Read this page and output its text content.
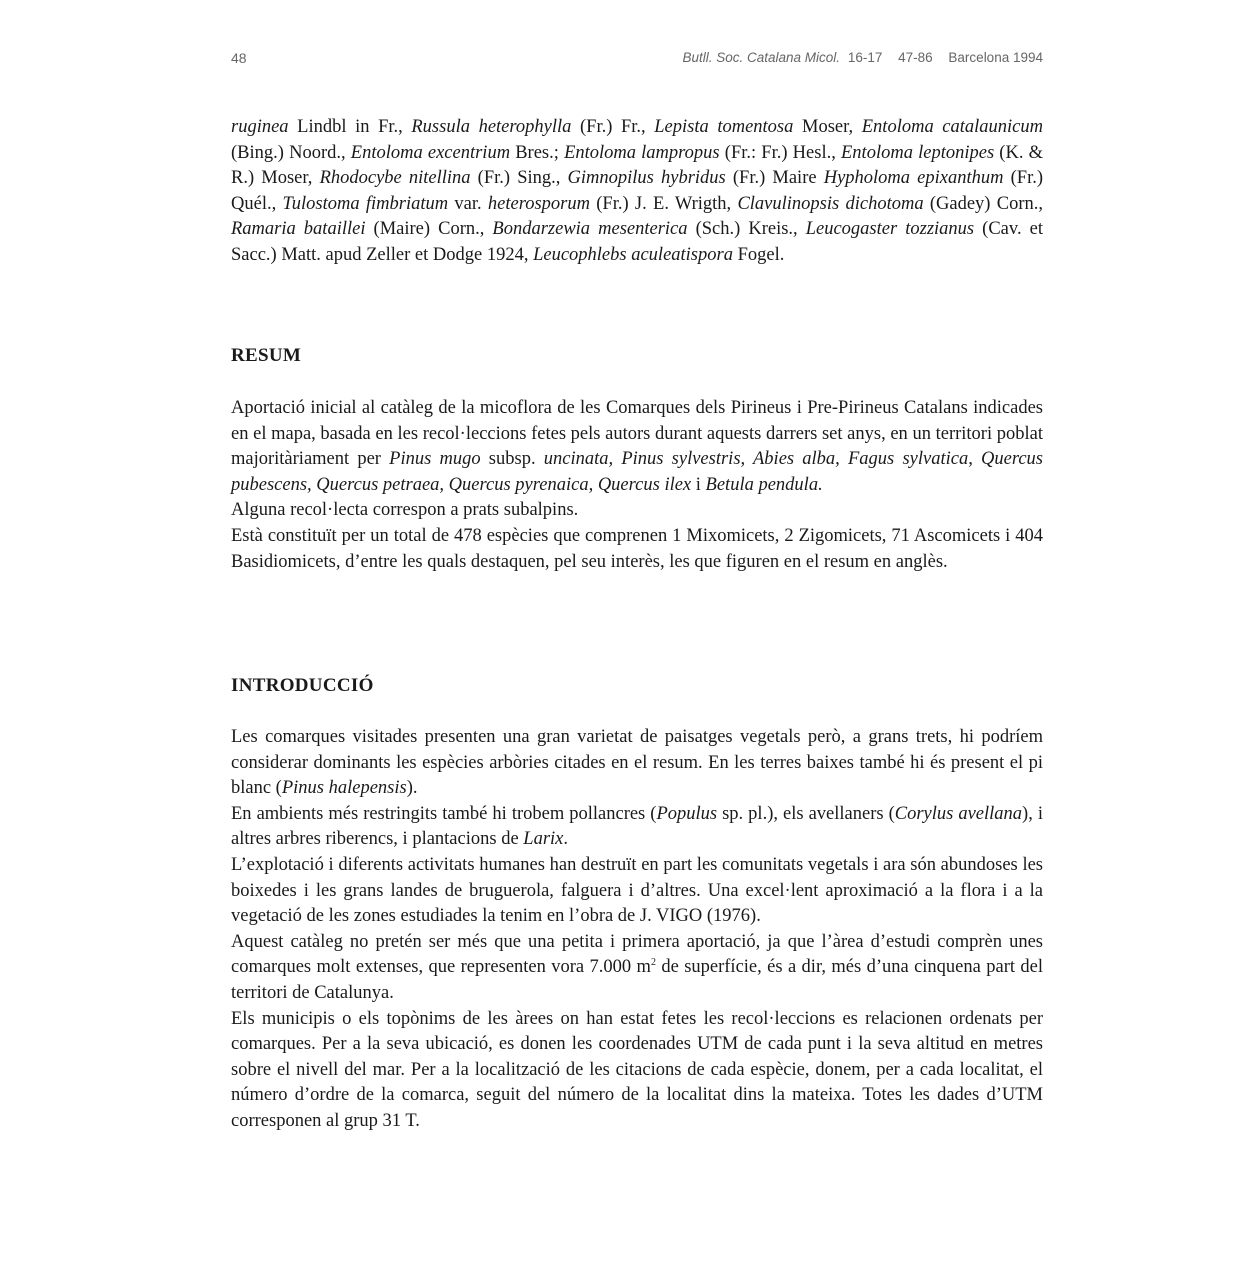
48	Butll. Soc. Catalana Micol. 16-17 47-86 Barcelona 1994

ruginea Lindbl in Fr., Russula heterophylla (Fr.) Fr., Lepista tomentosa Moser, Entoloma catalaunicum (Bing.) Noord., Entoloma excentrium Bres.; Entoloma lampropus (Fr.: Fr.) Hesl., Entoloma leptonipes (K. & R.) Moser, Rhodocybe nitellina (Fr.) Sing., Gimnopilus hybridus (Fr.) Maire Hypholoma epixanthum (Fr.) Quél., Tulostoma fimbriatum var. heterosporum (Fr.) J. E. Wrigth, Clavulinopsis dichotoma (Gadey) Corn., Ramaria bataillei (Maire) Corn., Bondarzewia mesenterica (Sch.) Kreis., Leucogaster tozzianus (Cav. et Sacc.) Matt. apud Zeller et Dodge 1924, Leucophlebs aculeatispora Fogel.

RESUM

Aportació inicial al catàleg de la micoflora de les Comarques dels Pirineus i Pre-Pirineus Catalans indicades en el mapa, basada en les recol·leccions fetes pels autors durant aquests darrers set anys, en un territori poblat majoritàriament per Pinus mugo subsp. uncinata, Pinus sylvestris, Abies alba, Fagus sylvatica, Quercus pubescens, Quercus petraea, Quercus pyrenaica, Quercus ilex i Betula pendula.

Alguna recol·lecta correspon a prats subalpins.

Està constituït per un total de 478 espècies que comprenen 1 Mixomicets, 2 Zigomicets, 71 Ascomicets i 404 Basidiomicets, d’entre les quals destaquen, pel seu interès, les que figuren en el resum en anglès.

INTRODUCCIÓ

Les comarques visitades presenten una gran varietat de paisatges vegetals però, a grans trets, hi podríem considerar dominants les espècies arbòries citades en el resum. En les terres baixes també hi és present el pi blanc (Pinus halepensis).

En ambients més restringits també hi trobem pollancres (Populus sp. pl.), els avellaners (Corylus avellana), i altres arbres riberencs, i plantacions de Larix.

L’explotació i diferents activitats humanes han destruït en part les comunitats vegetals i ara són abundoses les boixedes i les grans landes de bruguerola, falguera i d’altres. Una excel·lent aproximació a la flora i a la vegetació de les zones estudiades la tenim en l’obra de J. VIGO (1976).

Aquest catàleg no pretén ser més que una petita i primera aportació, ja que l’àrea d’estudi comprèn unes comarques molt extenses, que representen vora 7.000 $m^2$ de superfície, és a dir, més d’una cinquena part del territori de Catalunya.

Els municipis o els topònims de les àrees on han estat fetes les recol·leccions es relacionen ordenats per comarques. Per a la seva ubicació, es donen les coordenades UTM de cada punt i la seva altitud en metres sobre el nivell del mar. Per a la localització de les citacions de cada espècie, donem, per a cada localitat, el número d’ordre de la comarca, seguit del número de la localitat dins la mateixa. Totes les dades d’UTM corresponen al grup 31 T.
